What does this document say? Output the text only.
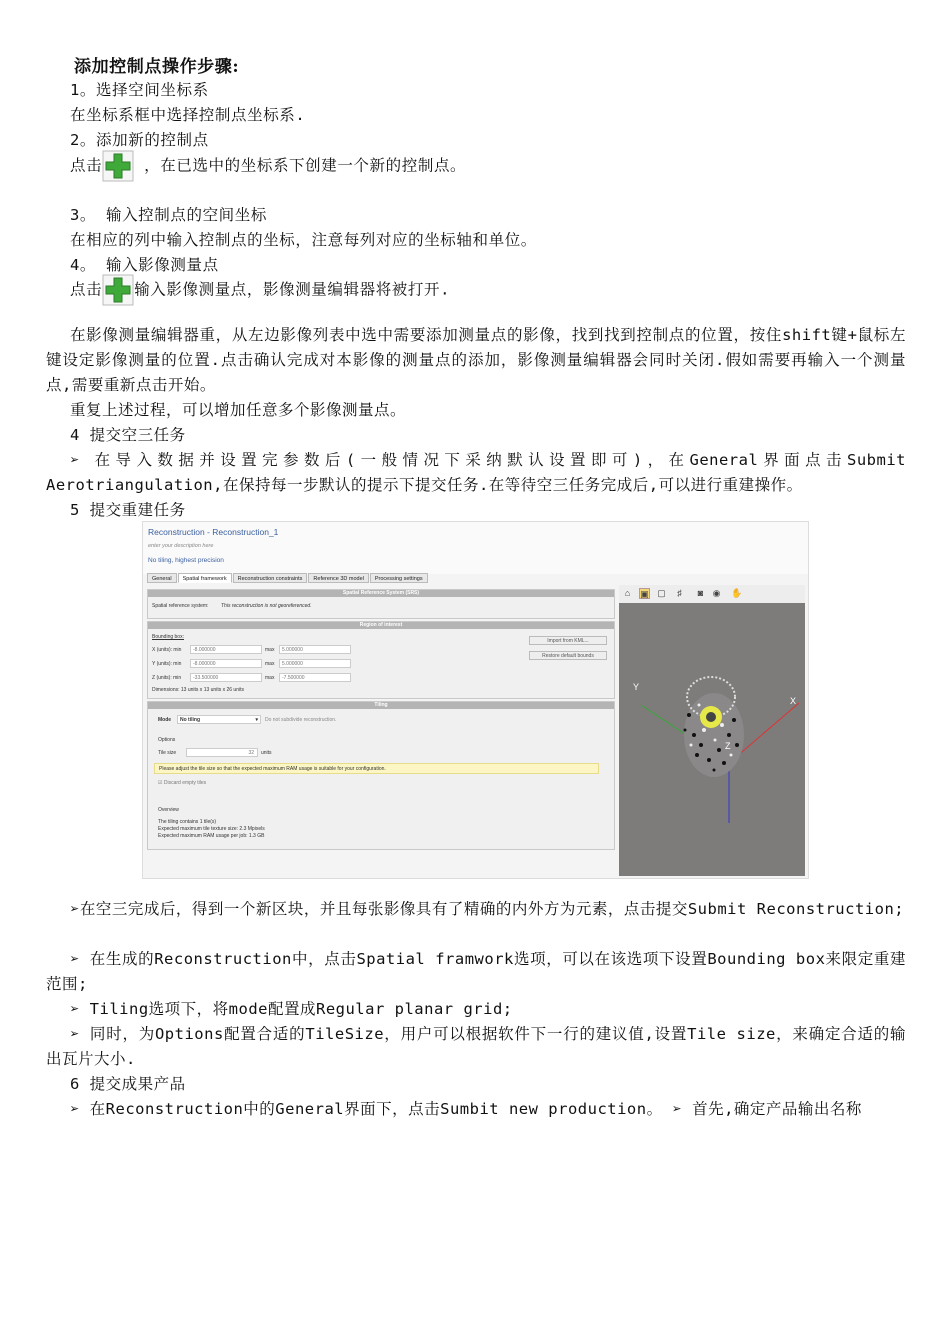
添加控制点操作步骤:
1。选择空间坐标系
在坐标系框中选择控制点坐标系.
2。添加新的控制点
点击	，在已选中的坐标系下创建一个新的控制点。
3。 输入控制点的空间坐标
在相应的列中输入控制点的坐标，注意每列对应的坐标轴和单位。
4。 输入影像测量点
点击 输入影像测量点，影像测量编辑器将被打开.
在影像测量编辑器重，从左边影像列表中选中需要添加测量点的影像，找到找到控制点的位置，按住shift键+鼠标左键设定影像测量的位置.点击确认完成对本影像的测量点的添加，影像测量编辑器会同时关闭.假如需要再输入一个测量点,需要重新点击开始。
重复上述过程，可以增加任意多个影像测量点。
4 提交空三任务
➢ 在导入数据并设置完参数后(一般情况下采纳默认设置即可)，在General界面点击Submit Aerotriangulation,在保持每一步默认的提示下提交任务.在等待空三任务完成后,可以进行重建操作。
5 提交重建任务
Reconstruction - Reconstruction_1
enter your description here
No tiling, highest precision
General	Spatial framework	Reconstruction constraints	Reference 3D model	Processing settings
Spatial Reference System (SRS)
Spatial reference system:	This reconstruction is not georeferenced.
Region of interest
Bounding box:
X (units): min	-8.000000	max	5.000000
Y (units): min	-8.000000	max	5.000000
Z (units): min	-33.500000	max	-7.500000
Dimensions: 13 units x 13 units x 26 units
Import from KML...
Restore default bounds
Tiling
Mode	No tiling	▾ Do not subdivide reconstruction.
Options
Tile size	32	units
☑ Discard empty tiles
Overview
The tiling contains 1 tile(s)
Expected maximum tile texture size: 2.3 Mpixels
Expected maximum RAM usage per job: 1.3 GB
Please adjust the tile size so that the expected maximum RAM usage is suitable for your configuration.
X
Y
Z
⌂	▣ ▢	♯	◙	◉ ✋
➢在空三完成后，得到一个新区块，并且每张影像具有了精确的内外方为元素，点击提交Submit Reconstruction;
➢ 在生成的Reconstruction中，点击Spatial framwork选项，可以在该选项下设置Bounding box来限定重建范围;
➢ Tiling选项下，将mode配置成Regular planar grid;
➢ 同时，为Options配置合适的TileSize，用户可以根据软件下一行的建议值,设置Tile size，来确定合适的输出瓦片大小.
6 提交成果产品
➢ 在Reconstruction中的General界面下，点击Sumbit new production。 ➢ 首先,确定产品输出名称
